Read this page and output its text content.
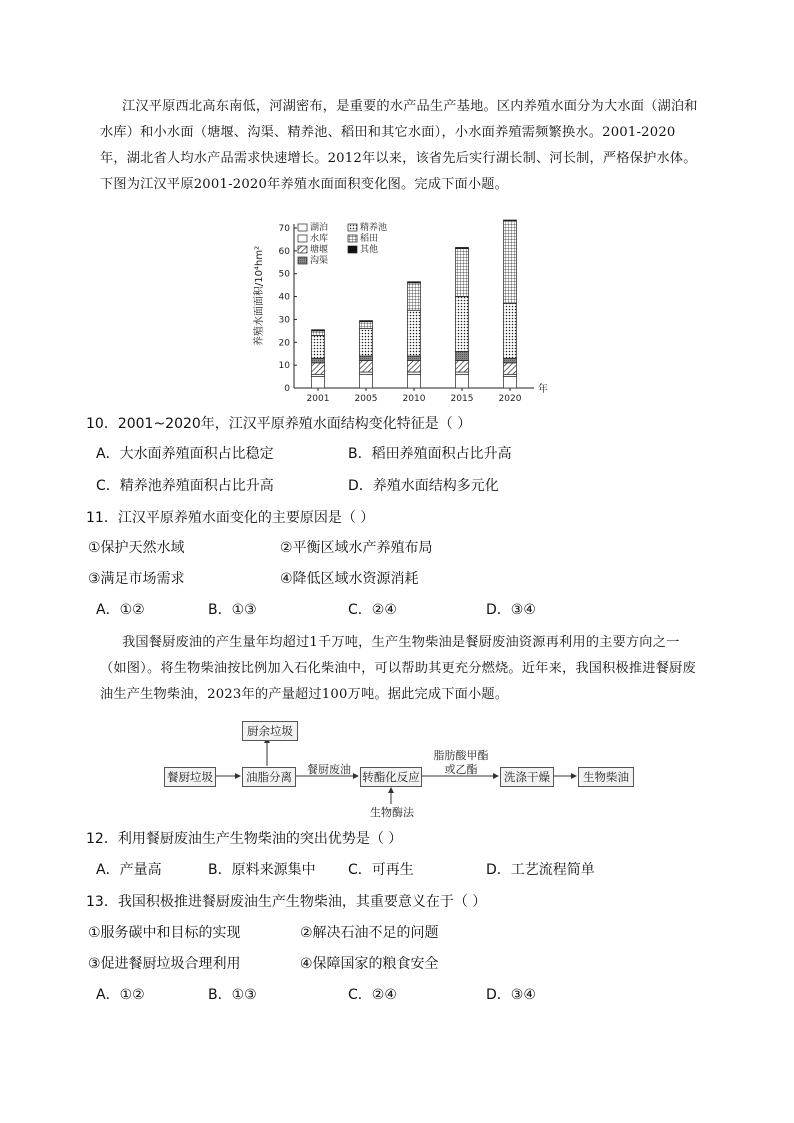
江汉平原西北高东南低，河湖密布，是重要的水产品生产基地。区内养殖水面分为大水面（湖泊和水库）和小水面（塘堰、沟渠、精养池、稻田和其它水面），小水面养殖需频繁换水。2001-2020年，湖北省人均水产品需求快速增长。2012年以来，该省先后实行湖长制、河长制，严格保护水体。下图为江汉平原2001-2020年养殖水面面积变化图。完成下面小题。
0
10
20
30
40
50
60
70
年
2001	2005	2010	2015	2020
湖泊
水库
塘堰
沟渠
精养池
稻田
其他
养殖水面面积/10⁴hm²
10．2001~2020年，江汉平原养殖水面结构变化特征是（ ）
A．大水面养殖面积占比稳定	B．稻田养殖面积占比升高
C．精养池养殖面积占比升高	D．养殖水面结构多元化
11．江汉平原养殖水面变化的主要原因是（ ）
①保护天然水域	②平衡区域水产养殖布局
③满足市场需求	④降低区域水资源消耗
A．①②	B．①③	C．②④	D．③④
我国餐厨废油的产生量年均超过1千万吨，生产生物柴油是餐厨废油资源再利用的主要方向之一（如图）。将生物柴油按比例加入石化柴油中，可以帮助其更充分燃烧。近年来，我国积极推进餐厨废油生产生物柴油，2023年的产量超过100万吨。据此完成下面小题。
厨余垃圾
餐厨垃圾	油脂分离
餐厨废油
转酯化反应
脂肪酸甲酯
或乙酯
洗涤干燥	生物柴油
生物酶法
12．利用餐厨废油生产生物柴油的突出优势是（ ）
A．产量高	B．原料来源集中 C．可再生	D．工艺流程简单
13．我国积极推进餐厨废油生产生物柴油，其重要意义在于（ ）
①服务碳中和目标的实现	②解决石油不足的问题
③促进餐厨垃圾合理利用	④保障国家的粮食安全
A．①②	B．①③	C．②④	D．③④
